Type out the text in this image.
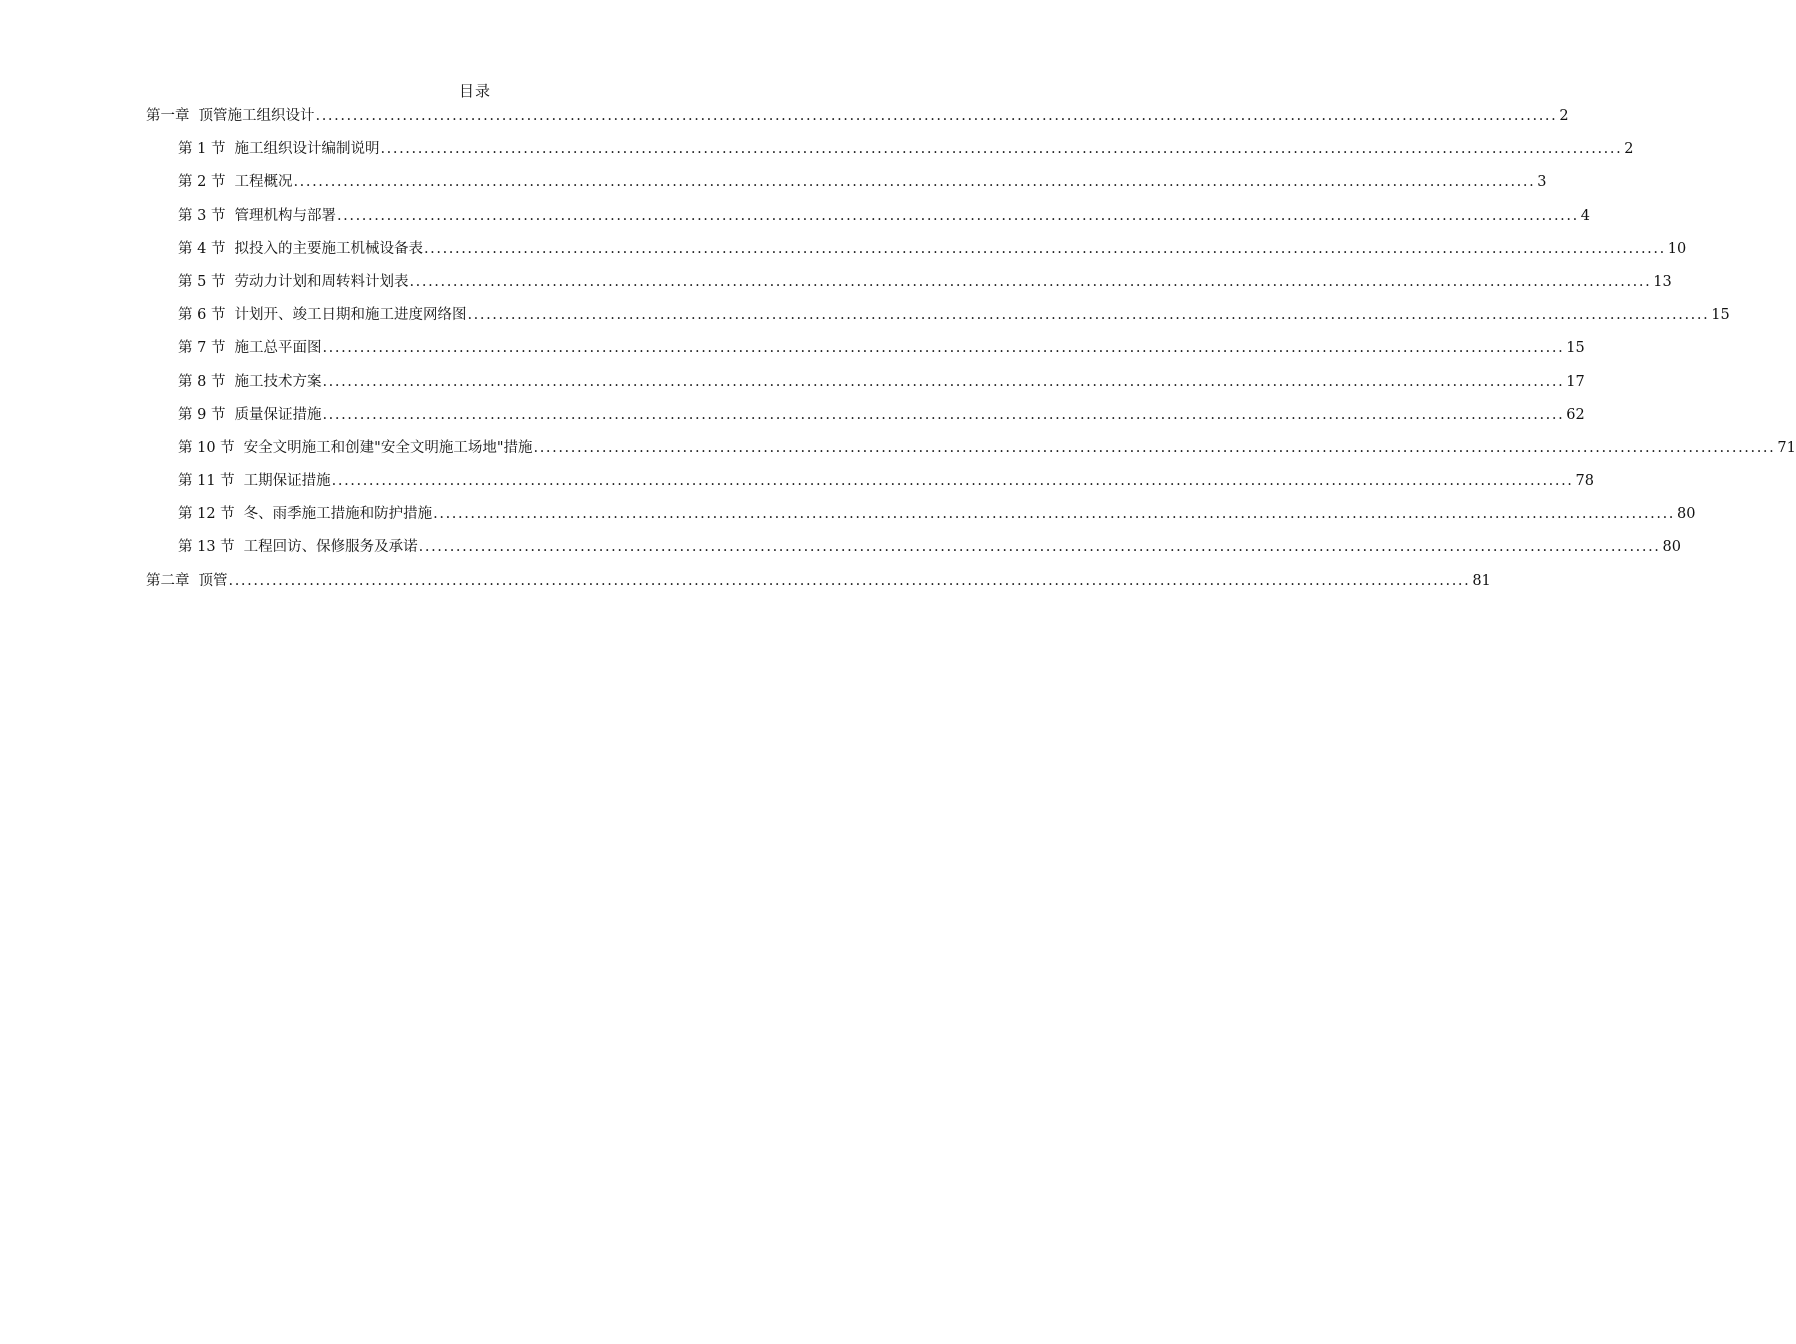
目录
第一章 顶管施工组织设计 ........................................................................................................................................................................................................ 2
第 1 节 施工组织设计编制说明 ........................................................................................................................................................................................................ 2
第 2 节 工程概况 ........................................................................................................................................................................................................ 3
第 3 节 管理机构与部署 ........................................................................................................................................................................................................ 4
第 4 节 拟投入的主要施工机械设备表 ........................................................................................................................................................................................................ 10
第 5 节 劳动力计划和周转料计划表 ........................................................................................................................................................................................................ 13
第 6 节 计划开、竣工日期和施工进度网络图 ........................................................................................................................................................................................................ 15
第 7 节 施工总平面图 ........................................................................................................................................................................................................ 15
第 8 节 施工技术方案 ........................................................................................................................................................................................................ 17
第 9 节 质量保证措施 ........................................................................................................................................................................................................ 62
第 10 节 安全文明施工和创建"安全文明施工场地"措施 ........................................................................................................................................................................................................ 71
第 11 节 工期保证措施 ........................................................................................................................................................................................................ 78
第 12 节 冬、雨季施工措施和防护措施 ........................................................................................................................................................................................................ 80
第 13 节 工程回访、保修服务及承诺 ........................................................................................................................................................................................................ 80
第二章 顶管 ........................................................................................................................................................................................................ 81
